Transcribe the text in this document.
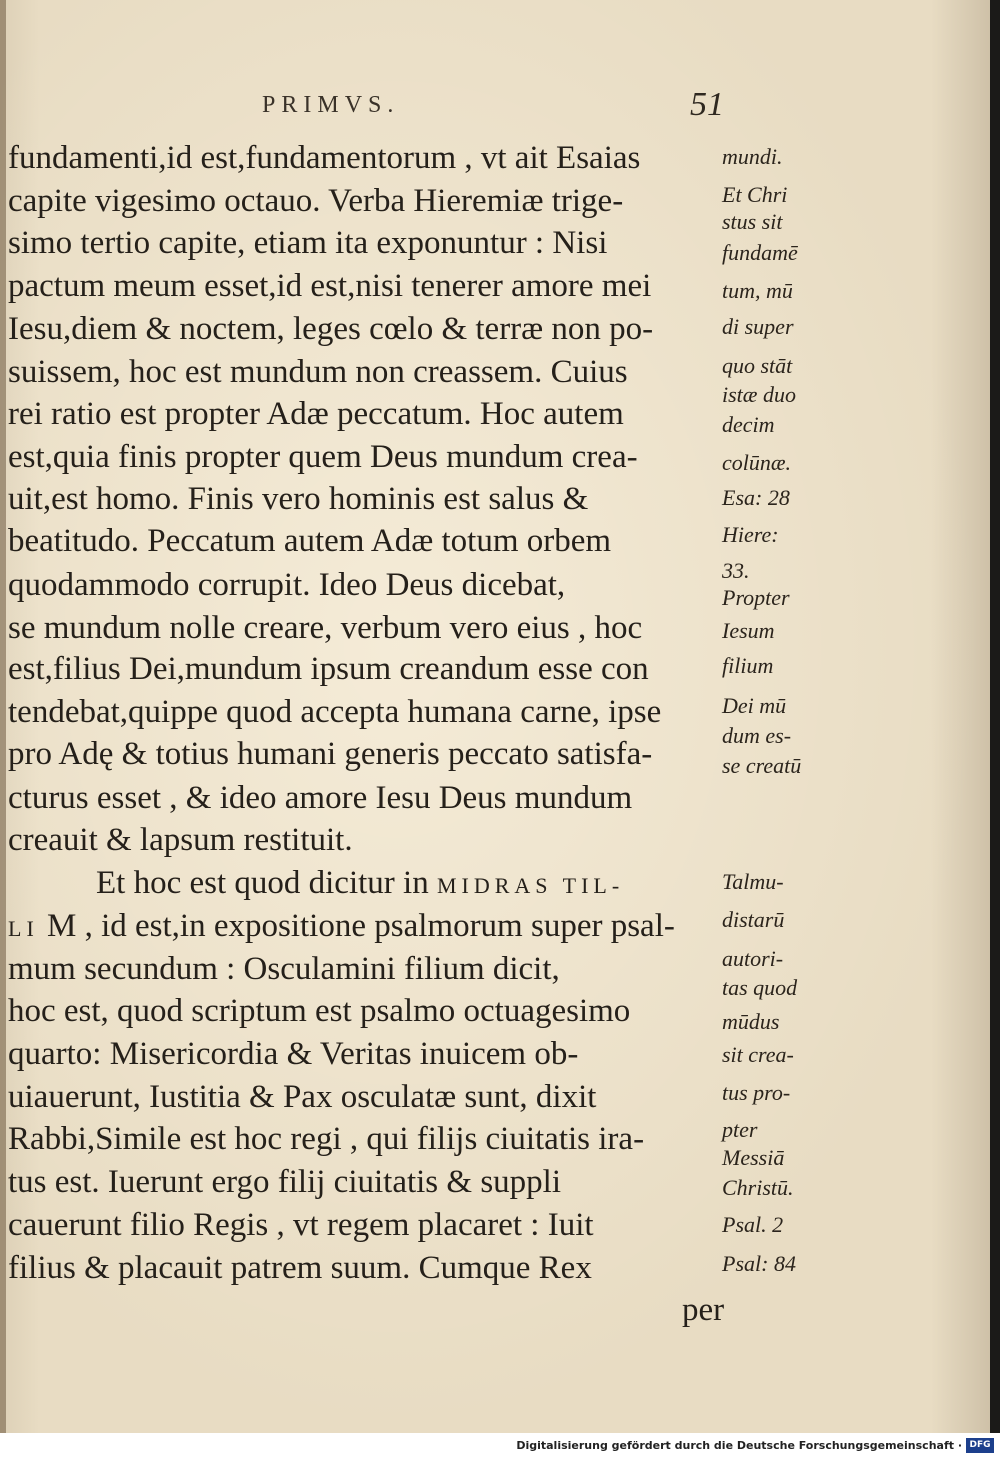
PRIMVS.	51
fundamenti,id est,fundamentorum , vt ait Esaias
capite vigesimo octauo. Verba Hieremiæ trige-
simo tertio capite, etiam ita exponuntur : Nisi
pactum meum esset,id est,nisi tenerer amore mei
Iesu,diem & noctem, leges cœlo & terræ non po-
suissem, hoc est mundum non creassem. Cuius
rei ratio est propter Adæ peccatum. Hoc autem
est,quia finis propter quem Deus mundum crea-
uit,est homo. Finis vero hominis est salus &
beatitudo. Peccatum autem Adæ totum orbem
quodammodo corrupit. Ideo Deus dicebat,
se mundum nolle creare, verbum vero eius , hoc
est,filius Dei,mundum ipsum creandum esse con
tendebat,quippe quod accepta humana carne, ipse
pro Adę & totius humani generis peccato satisfa-
cturus esset , & ideo amore Iesu Deus mundum
creauit & lapsum restituit.
Et hoc est quod dicitur in MIDRAS TIL-
LI M , id est,in expositione psalmorum super psal-
mum secundum : Osculamini filium dicit,
hoc est, quod scriptum est psalmo octuagesimo
quarto: Misericordia & Veritas inuicem ob-
uiauerunt, Iustitia & Pax osculatæ sunt, dixit
Rabbi,Simile est hoc regi , qui filijs ciuitatis ira-
tus est. Iuerunt ergo filij ciuitatis & suppli
cauerunt filio Regis , vt regem placaret : Iuit
filius & placauit patrem suum. Cumque Rex
per
mundi.
Et Chri
stus sit
fundamē
tum, mū
di super
quo stāt
istæ duo
decim
colūnæ.
Esa: 28
Hiere:
33.
Propter
Iesum
filium
Dei mū
dum es-
se creatū
Talmu-
distarū
autori-
tas quod
mūdus
sit crea-
tus pro-
pter
Messiā
Christū.
Psal. 2
Psal: 84
Digitalisierung gefördert durch die Deutsche Forschungsgemeinschaft · DFG
